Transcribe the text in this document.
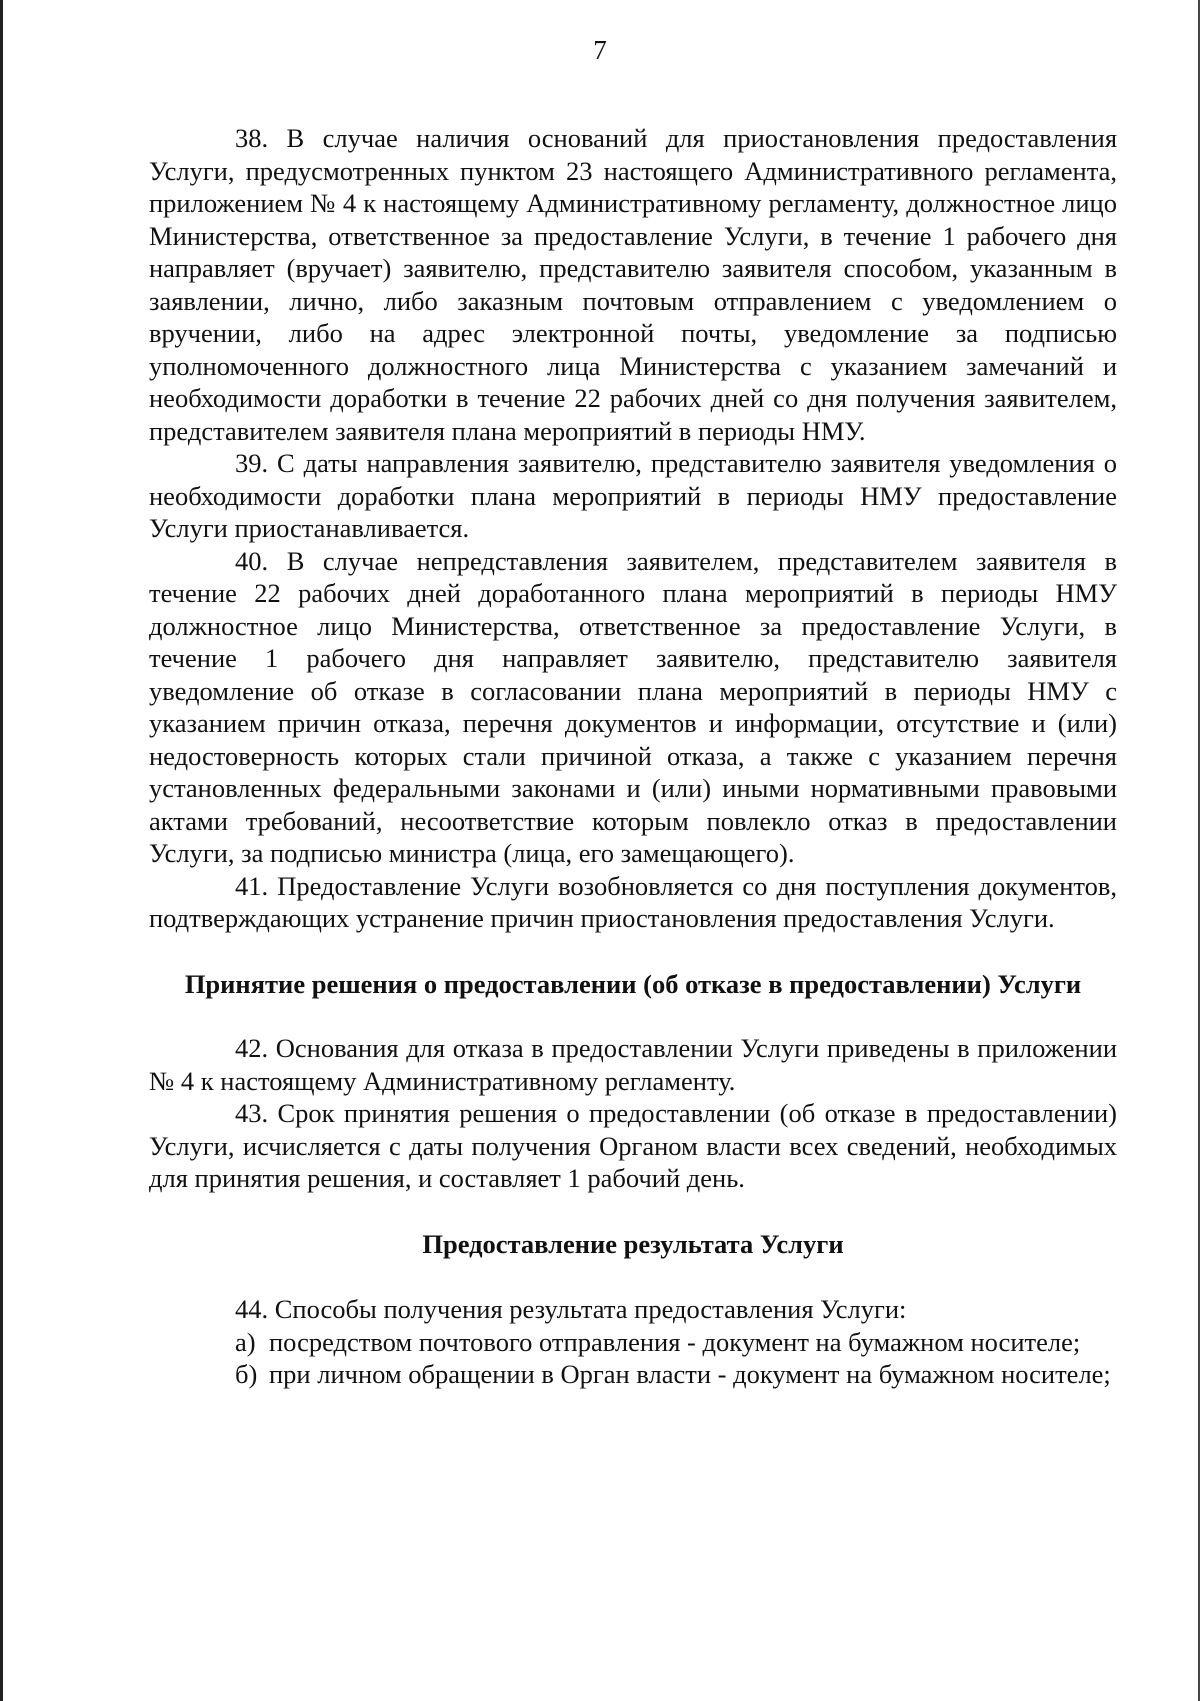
7

38. В случае наличия оснований для приостановления предоставления Услуги, предусмотренных пунктом 23 настоящего Административного регламента, приложением № 4 к настоящему Административному регламенту, должностное лицо Министерства, ответственное за предоставление Услуги, в течение 1 рабочего дня направляет (вручает) заявителю, представителю заявителя способом, указанным в заявлении, лично, либо заказным почтовым отправлением с уведомлением о вручении, либо на адрес электронной почты, уведомление за подписью уполномоченного должностного лица Министерства с указанием замечаний и необходимости доработки в течение 22 рабочих дней со дня получения заявителем, представителем заявителя плана мероприятий в периоды НМУ.

39. С даты направления заявителю, представителю заявителя уведомления о необходимости доработки плана мероприятий в периоды НМУ предоставление Услуги приостанавливается.

40. В случае непредставления заявителем, представителем заявителя в течение 22 рабочих дней доработанного плана мероприятий в периоды НМУ должностное лицо Министерства, ответственное за предоставление Услуги, в течение 1 рабочего дня направляет заявителю, представителю заявителя уведомление об отказе в согласовании плана мероприятий в периоды НМУ с указанием причин отказа, перечня документов и информации, отсутствие и (или) недостоверность которых стали причиной отказа, а также с указанием перечня установленных федеральными законами и (или) иными нормативными правовыми актами требований, несоответствие которым повлекло отказ в предоставлении Услуги, за подписью министра (лица, его замещающего).

41. Предоставление Услуги возобновляется со дня поступления документов, подтверждающих устранение причин приостановления предоставления Услуги.

Принятие решения о предоставлении (об отказе в предоставлении) Услуги

42. Основания для отказа в предоставлении Услуги приведены в приложении № 4 к настоящему Административному регламенту.

43. Срок принятия решения о предоставлении (об отказе в предоставлении) Услуги, исчисляется с даты получения Органом власти всех сведений, необходимых для принятия решения, и составляет 1 рабочий день.

Предоставление результата Услуги

44. Способы получения результата предоставления Услуги:

а) посредством почтового отправления - документ на бумажном носителе;

б) при личном обращении в Орган власти - документ на бумажном носителе;
